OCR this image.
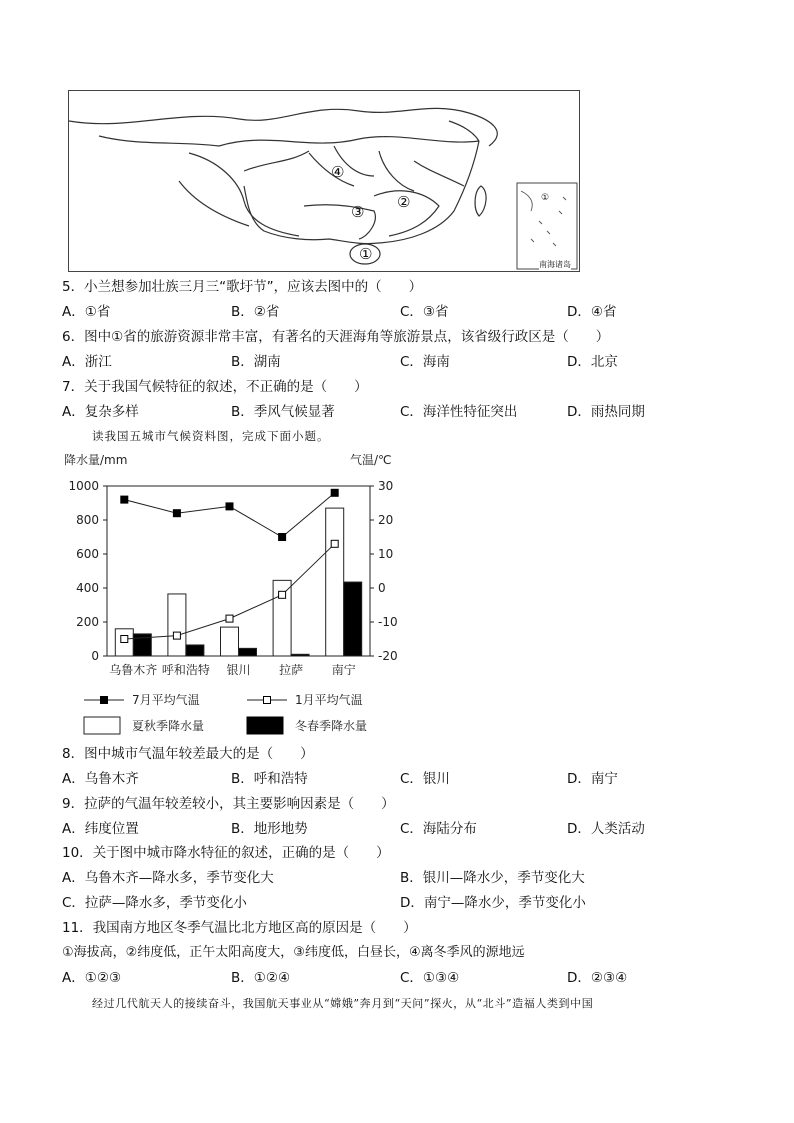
④
③
②
①
①
南海诸岛
5．小兰想参加壮族三月三“歌圩节”，应该去图中的（　　）
A．①省	B．②省	C．③省	D．④省
6．图中①省的旅游资源非常丰富，有著名的天涯海角等旅游景点，该省级行政区是（　　）
A．浙江	B．湖南	C．海南	D．北京
7．关于我国气候特征的叙述，不正确的是（　　）
A．复杂多样	B．季风气候显著	C．海洋性特征突出	D．雨热同期
读我国五城市气候资料图，完成下面小题。
降水量/mm	气温/℃
0
200
400
600
800
1000
-20
-10
0
10
20
30
乌鲁木齐 呼和浩特 银川 拉萨 南宁
7月平均气温	1月平均气温
夏秋季降水量	冬春季降水量
8．图中城市气温年较差最大的是（　　）
A．乌鲁木齐	B．呼和浩特	C．银川	D．南宁
9．拉萨的气温年较差较小，其主要影响因素是（　　）
A．纬度位置	B．地形地势	C．海陆分布	D．人类活动
10．关于图中城市降水特征的叙述，正确的是（　　）
A．乌鲁木齐—降水多，季节变化大	B．银川—降水少，季节变化大
C．拉萨—降水多，季节变化小	D．南宁—降水少，季节变化小
11．我国南方地区冬季气温比北方地区高的原因是（　　）
①海拔高，②纬度低，正午太阳高度大，③纬度低，白昼长，④离冬季风的源地远
A．①②③	B．①②④	C．①③④	D．②③④
经过几代航天人的接续奋斗，我国航天事业从“嫦娥”奔月到“天问”探火，从“北斗”造福人类到中国
